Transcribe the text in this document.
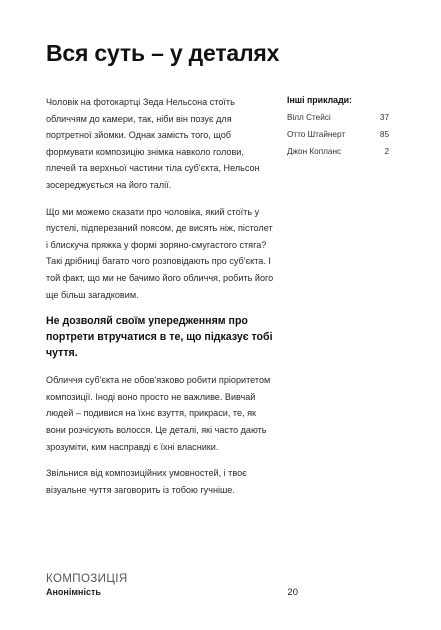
Вся суть – у деталях

Чоловік на фотокартці Зеда Нельсона стоїть обличчям до камери, так, ніби він позує для портретної зйомки. Однак замість того, щоб формувати композицію знімка навколо голови, плечей та верхньої частини тіла суб'єкта, Нельсон зосереджується на його талії.

Що ми можемо сказати про чоловіка, який стоїть у пустелі, підперезаний поясом, де висять ніж, пістолет і блискуча пряжка у формі зоряно-смугастого стяга? Такі дрібниці багато чого розповідають про суб'єкта. І той факт, що ми не бачимо його обличчя, робить його ще більш загадковим.

Не дозволяй своїм упередженням про портрети втручатися в те, що підказує тобі чуття.

Обличчя суб'єкта не обов'язково робити пріоритетом композиції. Іноді воно просто не важливе. Вивчай людей – подивися на їхнє взуття, прикраси, те, як вони розчісують волосся. Це деталі, які часто дають зрозуміти, ким насправді є їхні власники.

Звільнися від композиційних умовностей, і твоє візуальне чуття заговорить із тобою гучніше.

Інші приклади:
Вілл Стейсі	37
Отто Штайнерт	85
Джон Копланс	2
КОМПОЗИЦІЯ
Анонімність	20
